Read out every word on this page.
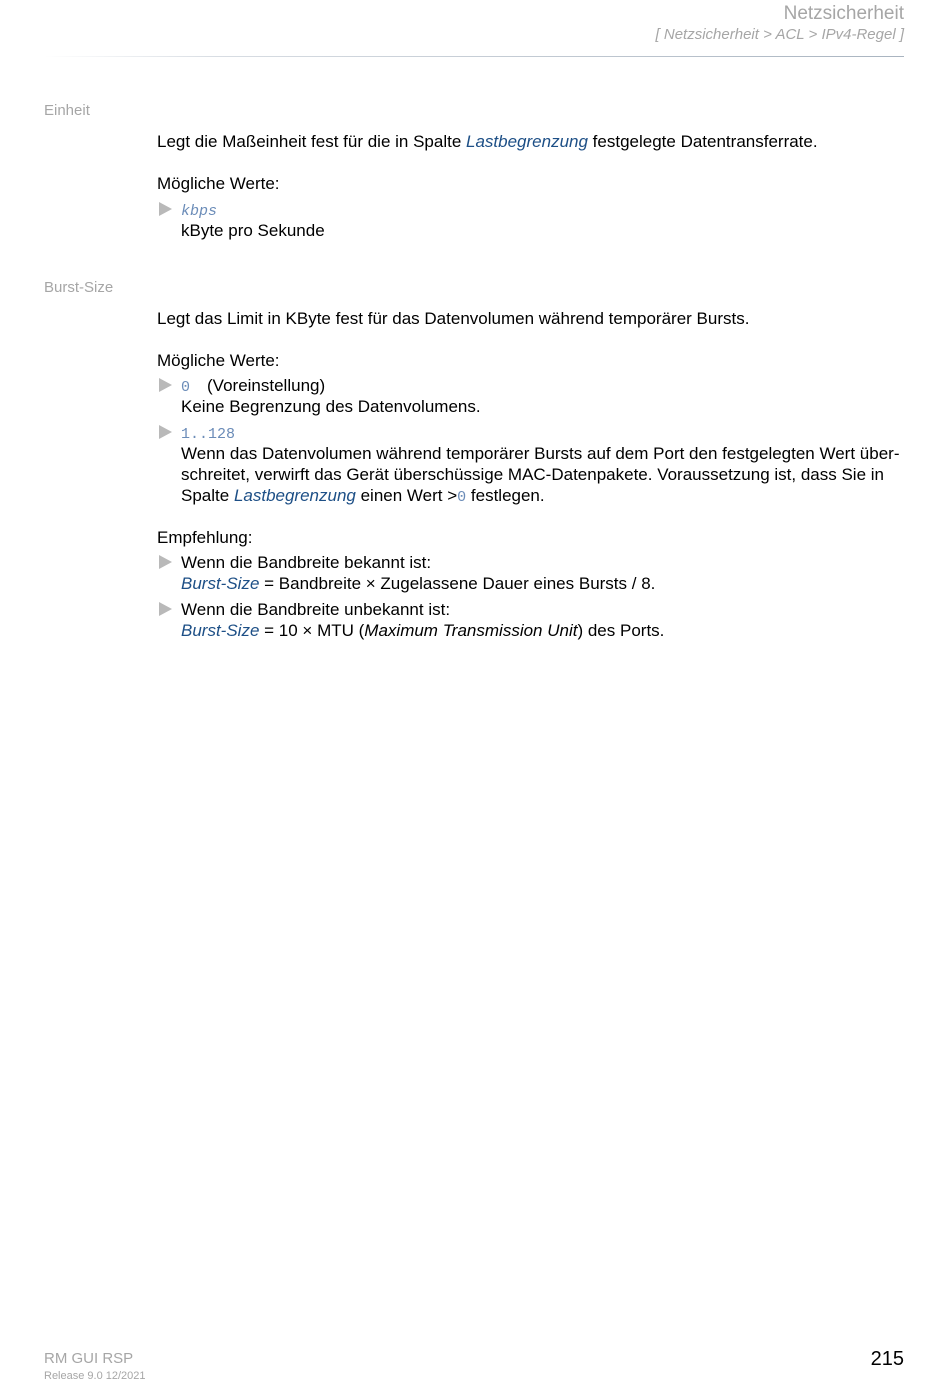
Netzsicherheit
[ Netzsicherheit > ACL > IPv4-Regel ]
Einheit
Legt die Maßeinheit fest für die in Spalte Lastbegrenzung festgelegte Datentransferrate.
Mögliche Werte:
kbps
kByte pro Sekunde
Burst-Size
Legt das Limit in KByte fest für das Datenvolumen während temporärer Bursts.
Mögliche Werte:
0 (Voreinstellung)
Keine Begrenzung des Datenvolumens.
1..128
Wenn das Datenvolumen während temporärer Bursts auf dem Port den festgelegten Wert über-
schreitet, verwirft das Gerät überschüssige MAC-Datenpakete. Voraussetzung ist, dass Sie in
Spalte Lastbegrenzung einen Wert >0 festlegen.
Empfehlung:
Wenn die Bandbreite bekannt ist:
Burst-Size = Bandbreite × Zugelassene Dauer eines Bursts / 8.
Wenn die Bandbreite unbekannt ist:
Burst-Size = 10 × MTU (Maximum Transmission Unit) des Ports.
RM GUI RSP
Release 9.0 12/2021
215
